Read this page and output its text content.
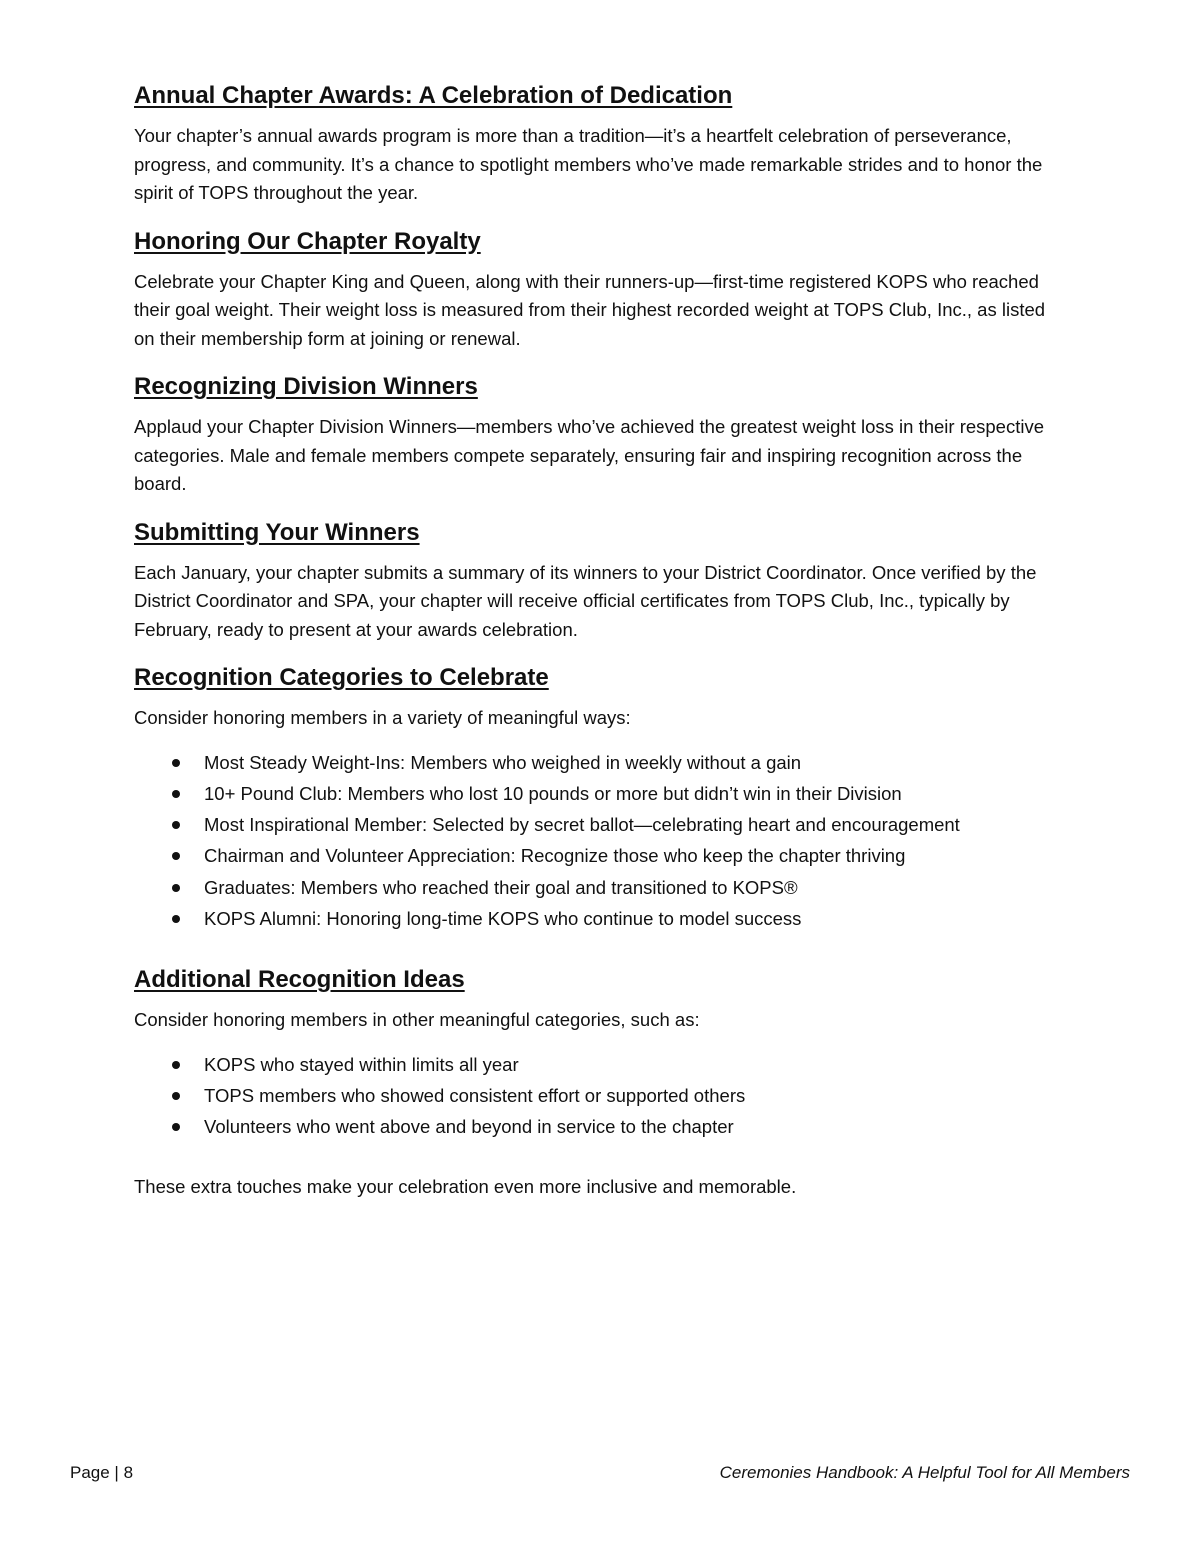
Annual Chapter Awards: A Celebration of Dedication

Your chapter’s annual awards program is more than a tradition—it’s a heartfelt celebration of perseverance, progress, and community. It’s a chance to spotlight members who’ve made remarkable strides and to honor the spirit of TOPS throughout the year.

Honoring Our Chapter Royalty

Celebrate your Chapter King and Queen, along with their runners-up—first-time registered KOPS who reached their goal weight. Their weight loss is measured from their highest recorded weight at TOPS Club, Inc., as listed on their membership form at joining or renewal.

Recognizing Division Winners

Applaud your Chapter Division Winners—members who’ve achieved the greatest weight loss in their respective categories. Male and female members compete separately, ensuring fair and inspiring recognition across the board.

Submitting Your Winners

Each January, your chapter submits a summary of its winners to your District Coordinator. Once verified by the District Coordinator and SPA, your chapter will receive official certificates from TOPS Club, Inc., typically by February, ready to present at your awards celebration.

Recognition Categories to Celebrate

Consider honoring members in a variety of meaningful ways:

Most Steady Weight-Ins: Members who weighed in weekly without a gain
10+ Pound Club: Members who lost 10 pounds or more but didn’t win in their Division
Most Inspirational Member: Selected by secret ballot—celebrating heart and encouragement
Chairman and Volunteer Appreciation: Recognize those who keep the chapter thriving
Graduates: Members who reached their goal and transitioned to KOPS®
KOPS Alumni: Honoring long-time KOPS who continue to model success
Additional Recognition Ideas

Consider honoring members in other meaningful categories, such as:

KOPS who stayed within limits all year
TOPS members who showed consistent effort or supported others
Volunteers who went above and beyond in service to the chapter

These extra touches make your celebration even more inclusive and memorable.

Page | 8	Ceremonies Handbook: A Helpful Tool for All Members
